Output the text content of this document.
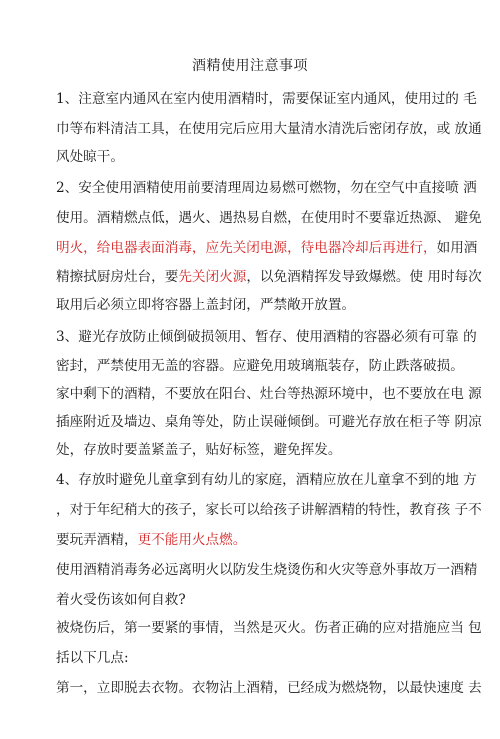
酒精使用注意事项
1、注意室内通风在室内使用酒精时，需要保证室内通风，使用过的 毛
巾等布料清洁工具，在使用完后应用大量清水清洗后密闭存放，或 放通
风处晾干。
2、安全使用酒精使用前要清理周边易燃可燃物，勿在空气中直接喷 洒
使用。酒精燃点低，遇火、遇热易自燃，在使用时不要靠近热源、 避免
明火，给电器表面消毒，应先关闭电源，待电器冷却后再进行，如用酒
精擦拭厨房灶台，要先关闭火源，以免酒精挥发导致爆燃。使 用时每次
取用后必须立即将容器上盖封闭，严禁敞开放置。
3、避光存放防止倾倒破损领用、暂存、使用酒精的容器必须有可靠 的
密封，严禁使用无盖的容器。应避免用玻璃瓶装存，防止跌落破损。
家中剩下的酒精，不要放在阳台、灶台等热源环境中，也不要放在电 源
插座附近及墙边、桌角等处，防止误碰倾倒。可避光存放在柜子等 阴凉
处，存放时要盖紧盖子，贴好标签，避免挥发。
4、存放时避免儿童拿到有幼儿的家庭，酒精应放在儿童拿不到的地 方
，对于年纪稍大的孩子，家长可以给孩子讲解酒精的特性，教育孩 子不
要玩弄酒精，更不能用火点燃。
使用酒精消毒务必远离明火以防发生烧烫伤和火灾等意外事故万一酒精
着火受伤该如何自救?
被烧伤后，第一要紧的事情，当然是灭火。伤者正确的应对措施应当 包
括以下几点:
第一，立即脱去衣物。衣物沾上酒精，已经成为燃烧物，以最快速度 去
